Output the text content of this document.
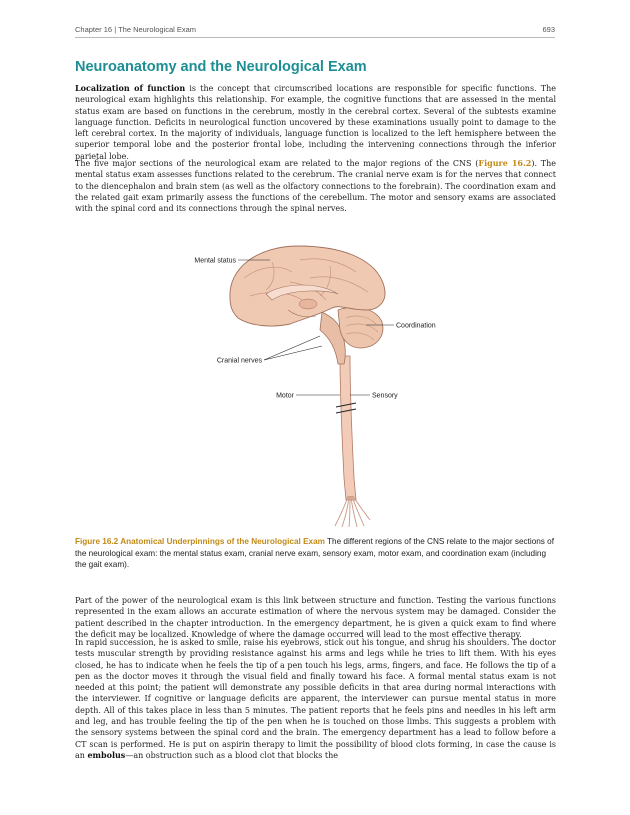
Chapter 16 | The Neurological Exam	693
Neuroanatomy and the Neurological Exam

Localization of function is the concept that circumscribed locations are responsible for specific functions. The neurological exam highlights this relationship. For example, the cognitive functions that are assessed in the mental status exam are based on functions in the cerebrum, mostly in the cerebral cortex. Several of the subtests examine language function. Deficits in neurological function uncovered by these examinations usually point to damage to the left cerebral cortex. In the majority of individuals, language function is localized to the left hemisphere between the superior temporal lobe and the posterior frontal lobe, including the intervening connections through the inferior parietal lobe.

The five major sections of the neurological exam are related to the major regions of the CNS (Figure 16.2). The mental status exam assesses functions related to the cerebrum. The cranial nerve exam is for the nerves that connect to the diencephalon and brain stem (as well as the olfactory connections to the forebrain). The coordination exam and the related gait exam primarily assess the functions of the cerebellum. The motor and sensory exams are associated with the spinal cord and its connections through the spinal nerves.

Mental status
Coordination
Cranial nerves
Motor	Sensory

Figure 16.2 Anatomical Underpinnings of the Neurological Exam The different regions of the CNS relate to the major sections of the neurological exam: the mental status exam, cranial nerve exam, sensory exam, motor exam, and coordination exam (including the gait exam).

Part of the power of the neurological exam is this link between structure and function. Testing the various functions represented in the exam allows an accurate estimation of where the nervous system may be damaged. Consider the patient described in the chapter introduction. In the emergency department, he is given a quick exam to find where the deficit may be localized. Knowledge of where the damage occurred will lead to the most effective therapy.

In rapid succession, he is asked to smile, raise his eyebrows, stick out his tongue, and shrug his shoulders. The doctor tests muscular strength by providing resistance against his arms and legs while he tries to lift them. With his eyes closed, he has to indicate when he feels the tip of a pen touch his legs, arms, fingers, and face. He follows the tip of a pen as the doctor moves it through the visual field and finally toward his face. A formal mental status exam is not needed at this point; the patient will demonstrate any possible deficits in that area during normal interactions with the interviewer. If cognitive or language deficits are apparent, the interviewer can pursue mental status in more depth. All of this takes place in less than 5 minutes. The patient reports that he feels pins and needles in his left arm and leg, and has trouble feeling the tip of the pen when he is touched on those limbs. This suggests a problem with the sensory systems between the spinal cord and the brain. The emergency department has a lead to follow before a CT scan is performed. He is put on aspirin therapy to limit the possibility of blood clots forming, in case the cause is an embolus—an obstruction such as a blood clot that blocks the
